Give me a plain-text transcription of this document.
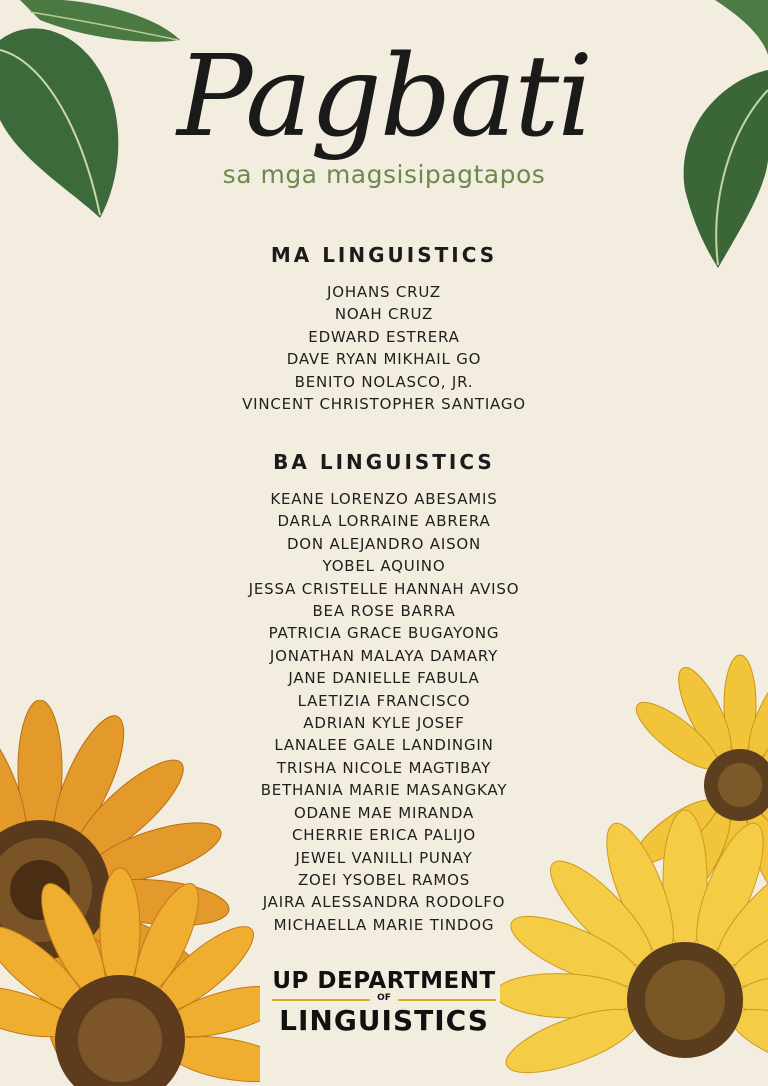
Pagbati
sa mga magsisipagtapos
MA LINGUISTICS
JOHANS CRUZ
NOAH CRUZ
EDWARD ESTRERA
DAVE RYAN MIKHAIL GO
BENITO NOLASCO, JR.
VINCENT CHRISTOPHER SANTIAGO
BA LINGUISTICS
KEANE LORENZO ABESAMIS
DARLA LORRAINE ABRERA
DON ALEJANDRO AISON
YOBEL AQUINO
JESSA CRISTELLE HANNAH AVISO
BEA ROSE BARRA
PATRICIA GRACE BUGAYONG
JONATHAN MALAYA DAMARY
JANE DANIELLE FABULA
LAETIZIA FRANCISCO
ADRIAN KYLE JOSEF
LANALEE GALE LANDINGIN
TRISHA NICOLE MAGTIBAY
BETHANIA MARIE MASANGKAY
ODANE MAE MIRANDA
CHERRIE ERICA PALIJO
JEWEL VANILLI PUNAY
ZOEI YSOBEL RAMOS
JAIRA ALESSANDRA RODOLFO
MICHAELLA MARIE TINDOG
UP DEPARTMENT
OF
LINGUISTICS
